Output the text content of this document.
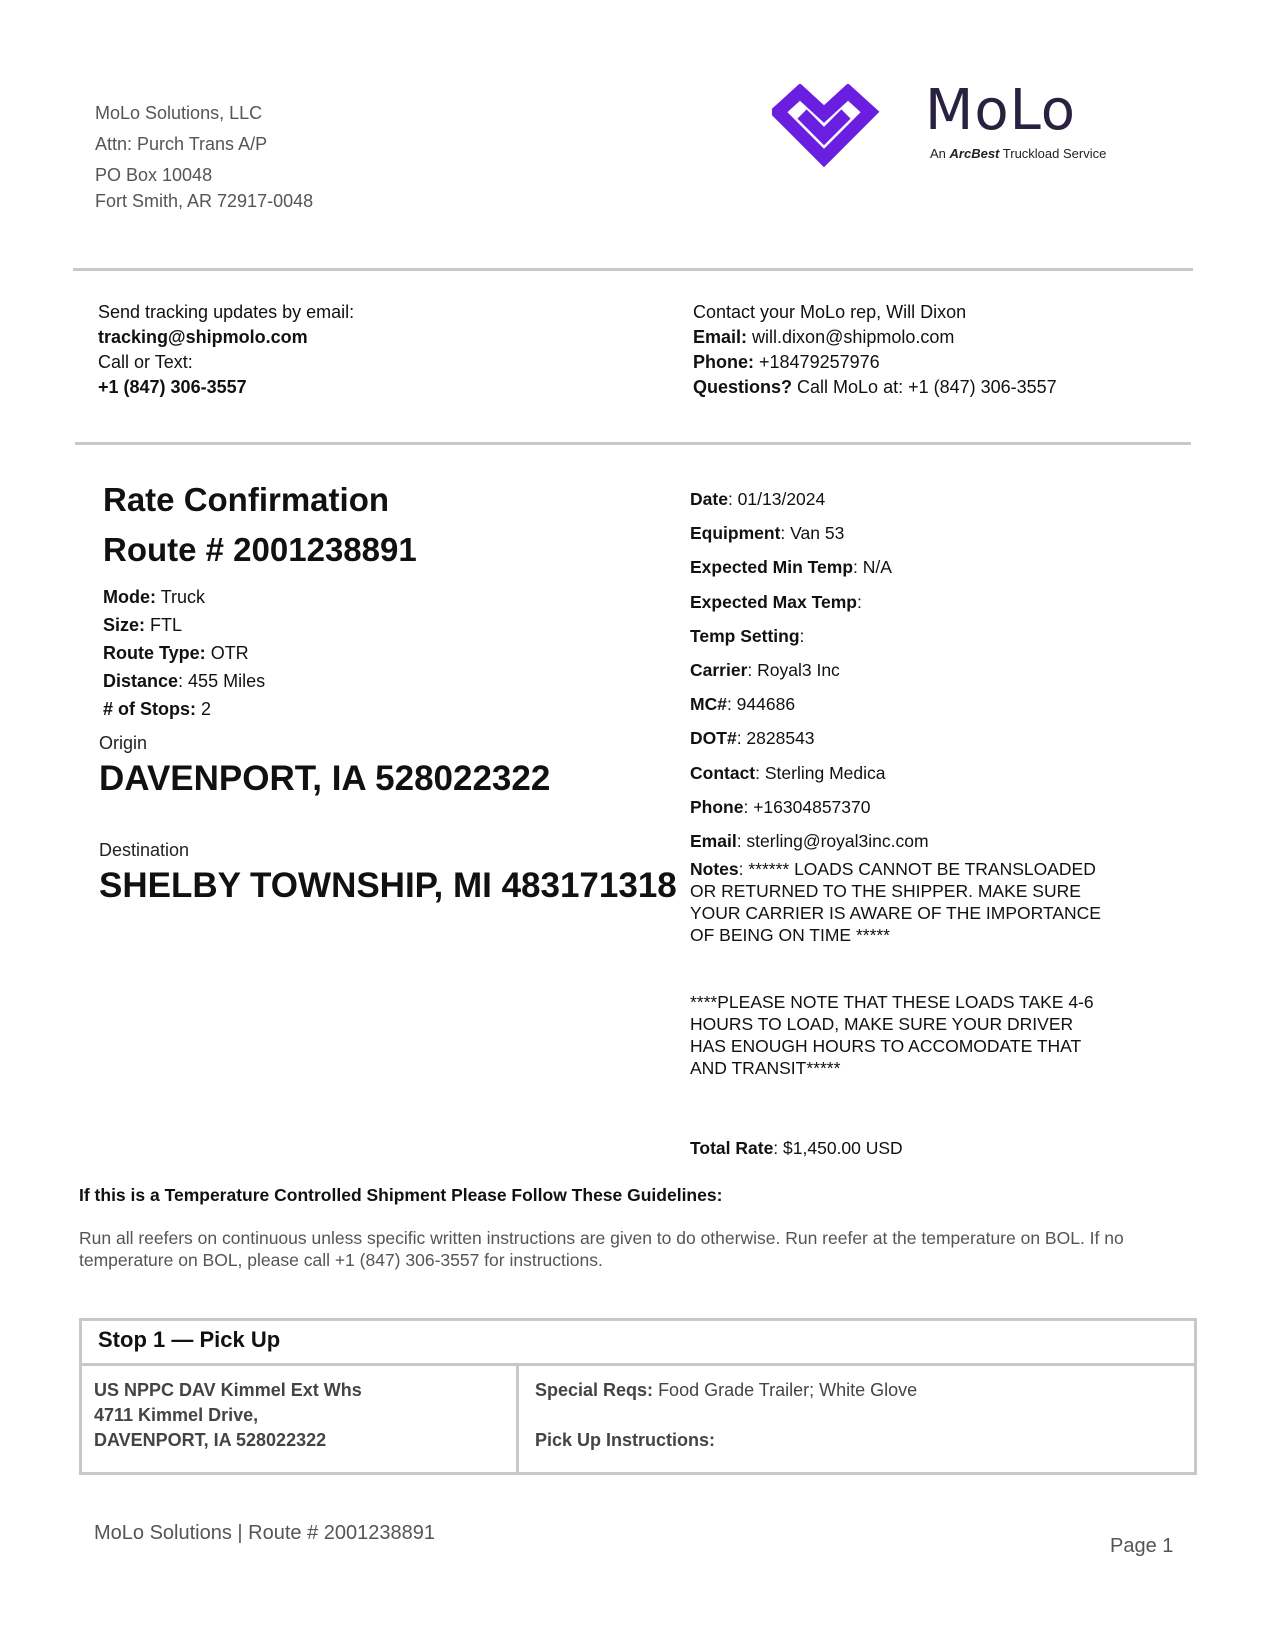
MoLo Solutions, LLC
Attn: Purch Trans A/P
PO Box 10048
Fort Smith, AR 72917-0048
MoLo
An ArcBest Truckload Service
Send tracking updates by email:
tracking@shipmolo.com
Call or Text:
+1 (847) 306-3557
Contact your MoLo rep, Will Dixon
Email: will.dixon@shipmolo.com
Phone: +18479257976
Questions? Call MoLo at: +1 (847) 306-3557
Rate Confirmation
Route # 2001238891
Mode: Truck
Size: FTL
Route Type: OTR
Distance: 455 Miles
# of Stops: 2
Origin
DAVENPORT, IA 528022322
Destination
SHELBY TOWNSHIP, MI 483171318
Date: 01/13/2024
Equipment: Van 53
Expected Min Temp: N/A
Expected Max Temp:
Temp Setting:
Carrier: Royal3 Inc
MC#: 944686
DOT#: 2828543
Contact: Sterling Medica
Phone: +16304857370
Email: sterling@royal3inc.com
Notes: ****** LOADS CANNOT BE TRANSLOADED OR RETURNED TO THE SHIPPER. MAKE SURE YOUR CARRIER IS AWARE OF THE IMPORTANCE OF BEING ON TIME *****
****PLEASE NOTE THAT THESE LOADS TAKE 4-6 HOURS TO LOAD, MAKE SURE YOUR DRIVER HAS ENOUGH HOURS TO ACCOMODATE THAT AND TRANSIT*****
Total Rate: $1,450.00 USD
If this is a Temperature Controlled Shipment Please Follow These Guidelines:
Run all reefers on continuous unless specific written instructions are given to do otherwise. Run reefer at the temperature on BOL. If no temperature on BOL, please call +1 (847) 306-3557 for instructions.
Stop 1 — Pick Up

US NPPC DAV Kimmel Ext Whs
4711 Kimmel Drive,
DAVENPORT, IA 528022322

Special Reqs: Food Grade Trailer; White Glove
Pick Up Instructions:
MoLo Solutions | Route # 2001238891
Page 1
